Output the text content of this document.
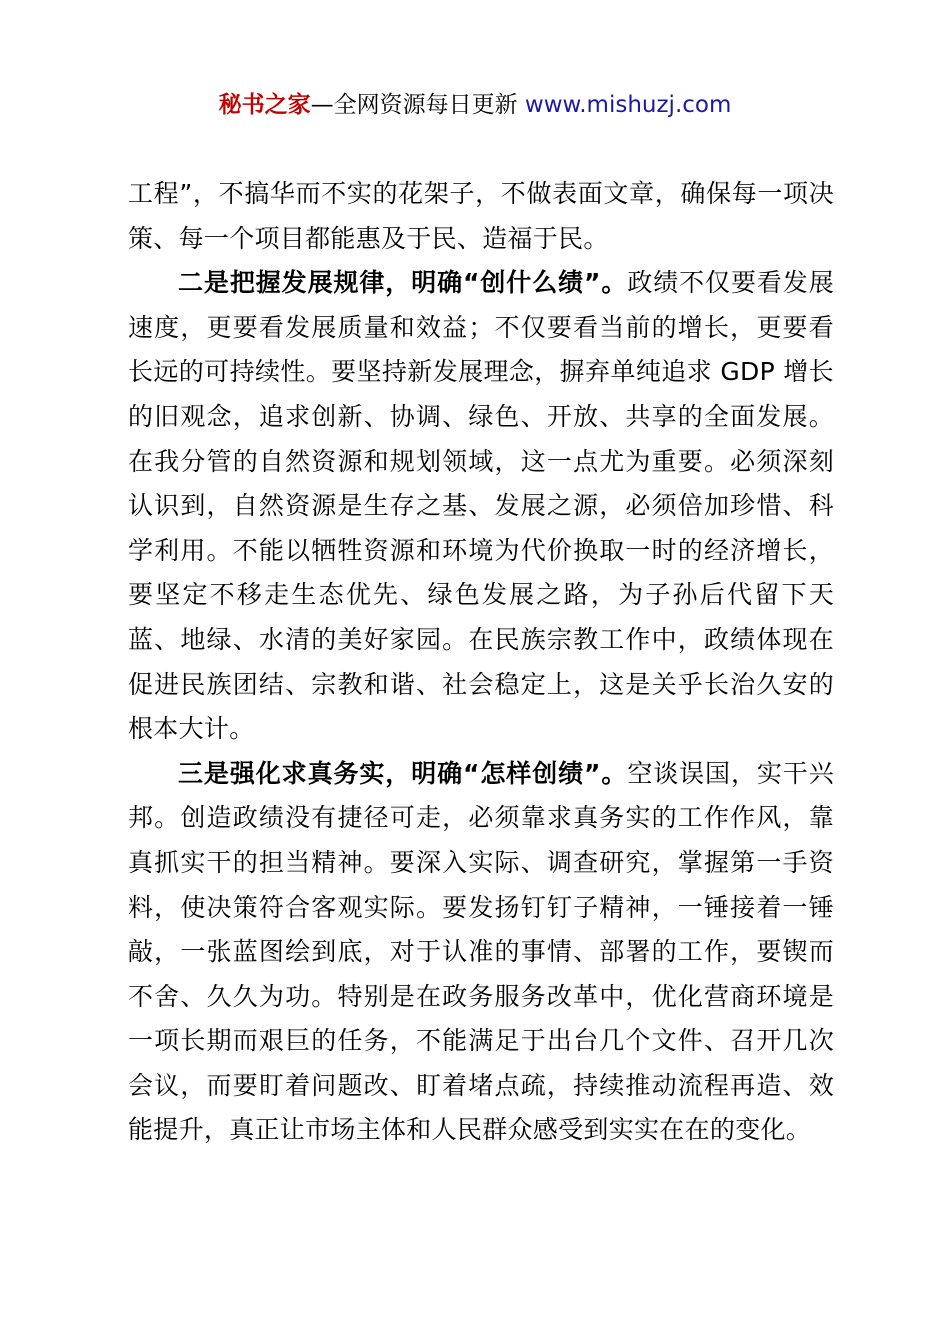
秘书之家—全网资源每日更新 www.mishuzj.com

工程”，不搞华而不实的花架子，不做表面文章，确保每一项决策、每一个项目都能惠及于民、造福于民。

二是把握发展规律，明确“创什么绩”。政绩不仅要看发展速度，更要看发展质量和效益；不仅要看当前的增长，更要看长远的可持续性。要坚持新发展理念，摒弃单纯追求 GDP 增长的旧观念，追求创新、协调、绿色、开放、共享的全面发展。在我分管的自然资源和规划领域，这一点尤为重要。必须深刻认识到，自然资源是生存之基、发展之源，必须倍加珍惜、科学利用。不能以牺牲资源和环境为代价换取一时的经济增长，要坚定不移走生态优先、绿色发展之路，为子孙后代留下天蓝、地绿、水清的美好家园。在民族宗教工作中，政绩体现在促进民族团结、宗教和谐、社会稳定上，这是关乎长治久安的根本大计。

三是强化求真务实，明确“怎样创绩”。空谈误国，实干兴邦。创造政绩没有捷径可走，必须靠求真务实的工作作风，靠真抓实干的担当精神。要深入实际、调查研究，掌握第一手资料，使决策符合客观实际。要发扬钉钉子精神，一锤接着一锤敲，一张蓝图绘到底，对于认准的事情、部署的工作，要锲而不舍、久久为功。特别是在政务服务改革中，优化营商环境是一项长期而艰巨的任务，不能满足于出台几个文件、召开几次会议，而要盯着问题改、盯着堵点疏，持续推动流程再造、效能提升，真正让市场主体和人民群众感受到实实在在的变化。
